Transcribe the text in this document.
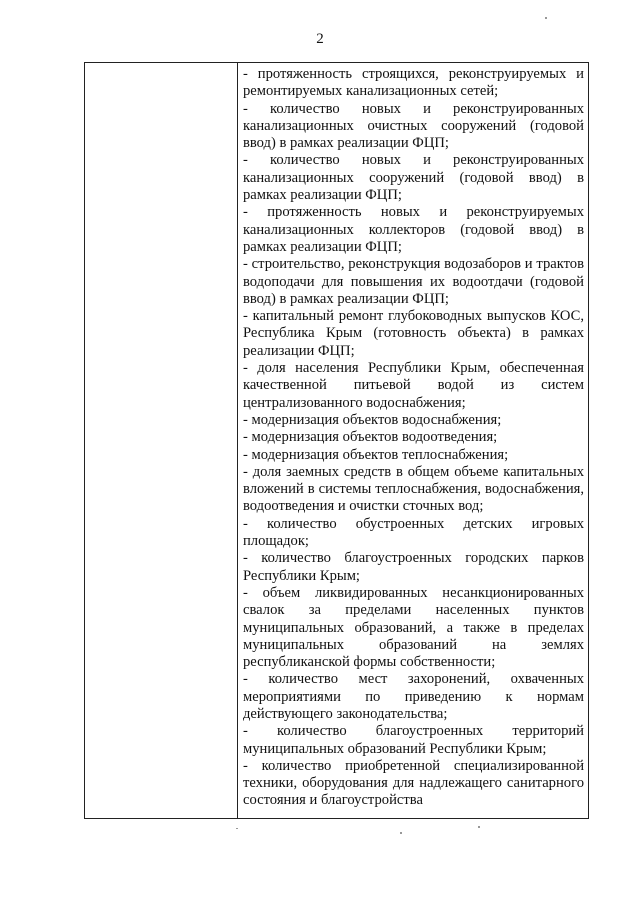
2

- протяженность строящихся, реконструируемых и ремонтируемых канализационных сетей;

- количество новых и реконструированных канализационных очистных сооружений (годовой ввод) в рамках реализации ФЦП;

- количество новых и реконструированных канализационных сооружений (годовой ввод) в рамках реализации ФЦП;

- протяженность новых и реконструируемых канализационных коллекторов (годовой ввод) в рамках реализации ФЦП;

- строительство, реконструкция водозаборов и трактов водоподачи для повышения их водоотдачи (годовой ввод) в рамках реализации ФЦП;

- капитальный ремонт глубоководных выпусков КОС, Республика Крым (готовность объекта) в рамках реализации ФЦП;

- доля населения Республики Крым, обеспеченная качественной питьевой водой из систем централизованного водоснабжения;

- модернизация объектов водоснабжения;

- модернизация объектов водоотведения;

- модернизация объектов теплоснабжения;

- доля заемных средств в общем объеме капитальных вложений в системы теплоснабжения, водоснабжения, водоотведения и очистки сточных вод;

- количество обустроенных детских игровых площадок;

- количество благоустроенных городских парков Республики Крым;

- объем ликвидированных несанкционированных свалок за пределами населенных пунктов муниципальных образований, а также в пределах муниципальных образований на землях республиканской формы собственности;

- количество мест захоронений, охваченных мероприятиями по приведению к нормам действующего законодательства;

- количество благоустроенных территорий муниципальных образований Республики Крым;

- количество приобретенной специализированной техники, оборудования для надлежащего санитарного состояния и благоустройства
